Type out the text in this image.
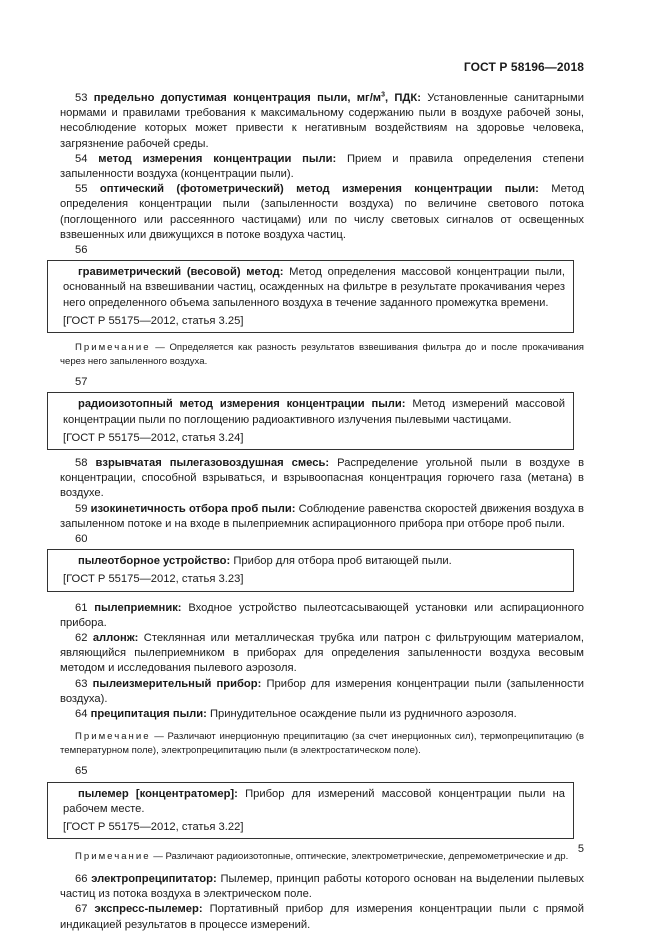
ГОСТ Р 58196—2018

53 предельно допустимая концентрация пыли, $мг/м^3$, ПДК: Установленные санитарными нормами и правилами требования к максимальному содержанию пыли в воздухе рабочей зоны, несоблюдение которых может привести к негативным воздействиям на здоровье человека, загрязнение рабочей среды.

54 метод измерения концентрации пыли: Прием и правила определения степени запыленности воздуха (концентрации пыли).

55 оптический (фотометрический) метод измерения концентрации пыли: Метод определения концентрации пыли (запыленности воздуха) по величине светового потока (поглощенного или рассеянного частицами) или по числу световых сигналов от освещенных взвешенных или движущихся в потоке воздуха частиц.

56

гравиметрический (весовой) метод: Метод определения массовой концентрации пыли, основанный на взвешивании частиц, осажденных на фильтре в результате прокачивания через него определенного объема запыленного воздуха в течение заданного промежутка времени.

[ГОСТ Р 55175—2012, статья 3.25]

Примечание — Определяется как разность результатов взвешивания фильтра до и после прокачивания через него запыленного воздуха.

57

радиоизотопный метод измерения концентрации пыли: Метод измерений массовой концентрации пыли по поглощению радиоактивного излучения пылевыми частицами.

[ГОСТ Р 55175—2012, статья 3.24]

58 взрывчатая пылегазовоздушная смесь: Распределение угольной пыли в воздухе в концентрации, способной взрываться, и взрывоопасная концентрация горючего газа (метана) в воздухе.

59 изокинетичность отбора проб пыли: Соблюдение равенства скоростей движения воздуха в запыленном потоке и на входе в пылеприемник аспирационного прибора при отборе проб пыли.

60

пылеотборное устройство: Прибор для отбора проб витающей пыли.

[ГОСТ Р 55175—2012, статья 3.23]

61 пылеприемник: Входное устройство пылеотсасывающей установки или аспирационного прибора.

62 аллонж: Стеклянная или металлическая трубка или патрон с фильтрующим материалом, являющийся пылеприемником в приборах для определения запыленности воздуха весовым методом и исследования пылевого аэрозоля.

63 пылеизмерительный прибор: Прибор для измерения концентрации пыли (запыленности воздуха).

64 преципитация пыли: Принудительное осаждение пыли из рудничного аэрозоля.

Примечание — Различают инерционную преципитацию (за счет инерционных сил), термопреципитацию (в температурном поле), электропреципитацию пыли (в электростатическом поле).

65

пылемер [концентратомер]: Прибор для измерений массовой концентрации пыли на рабочем месте.

[ГОСТ Р 55175—2012, статья 3.22]

Примечание — Различают радиоизотопные, оптические, электрометрические, депремометрические и др.

66 электропреципитатор: Пылемер, принцип работы которого основан на выделении пылевых частиц из потока воздуха в электрическом поле.

67 экспресс-пылемер: Портативный прибор для измерения концентрации пыли с прямой индикацией результатов в процессе измерений.

5
